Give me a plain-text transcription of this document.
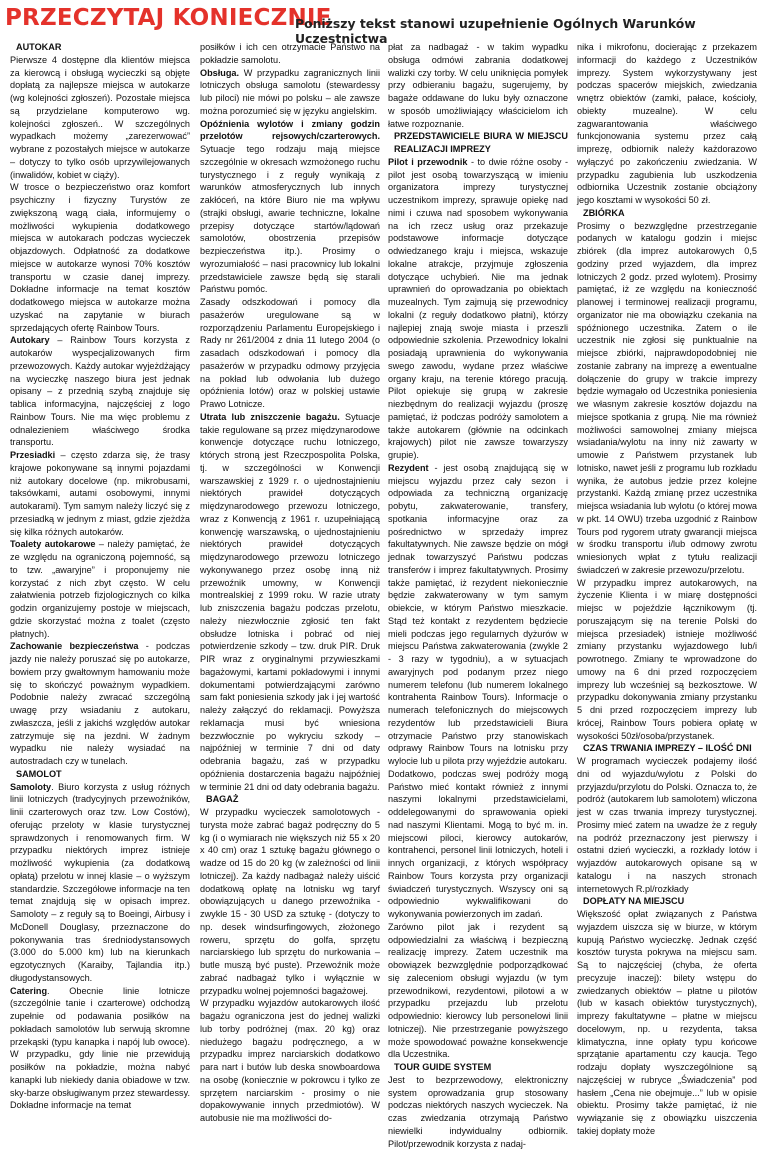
PRZECZYTAJ KONIECZNIE
Poniższy tekst stanowi uzupełnienie Ogólnych Warunków Uczestnictwa
AUTOKAR

Pierwsze 4 dostępne dla klientów miejsca za kierowcą i obsługą wycieczki są objęte dopłatą za najlepsze miejsca w autokarze (wg kolejności zgłoszeń). Pozostałe miejsca są przydzielane komputerowo wg. kolejności zgłoszeń.. W szczególnych wypadkach możemy „zarezerwować” wybrane z pozostałych miejsce w autokarze – dotyczy to tylko osób uprzywilejowanych (inwalidów, kobiet w ciąży).

W trosce o bezpieczeństwo oraz komfort psychiczny i fizyczny Turystów ze zwiększoną wagą ciała, informujemy o możliwości wykupienia dodatkowego miejsca w autokarach podczas wycieczek objazdowych. Odpłatność za dodatkowe miejsce w autokarze wynosi 70% kosztów transportu w czasie danej imprezy. Dokładne informacje na temat kosztów dodatkowego miejsca w autokarze można uzyskać na zapytanie w biurach sprzedających ofertę Rainbow Tours.

Autokary – Rainbow Tours korzysta z autokarów wyspecjalizowanych firm przewozowych. Każdy autokar wyjeżdżający na wycieczkę naszego biura jest jednak opisany – z przednią szybą znajduje się tablica informacyjna, najczęściej z logo Rainbow Tours. Nie ma więc problemu z odnalezieniem właściwego środka transportu.

Przesiadki – często zdarza się, że trasy krajowe pokonywane są innymi pojazdami niż autokary docelowe (np. mikrobusami, taksówkami, autami osobowymi, innymi autokarami). Tym samym należy liczyć się z przesiadką w jednym z miast, gdzie zjeżdża się kilka różnych autokarów.

Toalety autokarowe – należy pamiętać, że ze względu na ograniczoną pojemność, są to tzw. „awaryjne” i proponujemy nie korzystać z nich zbyt często. W celu załatwienia potrzeb fizjologicznych co kilka godzin organizujemy postoje w miejscach, gdzie skorzystać można z toalet (często płatnych).

Zachowanie bezpieczeństwa - podczas jazdy nie należy poruszać się po autokarze, bowiem przy gwałtownym hamowaniu może się to skończyć poważnym wypadkiem. Podobnie należy zwracać szczególną uwagę przy wsiadaniu z autokaru, zwłaszcza, jeśli z jakichś względów autokar zatrzymuje się na jezdni. W żadnym wypadku nie należy wysiadać na autostradach czy w tunelach.

SAMOLOT

Samoloty. Biuro korzysta z usług różnych linii lotniczych (tradycyjnych przewoźników, linii czarterowych oraz tzw. Low Costów), oferując przeloty w klasie turystycznej sprawdzonych i renomowanych firm. W przypadku niektórych imprez istnieje możliwość wykupienia (za dodatkową opłatą) przelotu w innej klasie – o wyższym standardzie. Szczegółowe informacje na ten temat znajdują się w opisach imprez. Samoloty – z reguły są to Boeingi, Airbusy i McDonell Douglasy, przeznaczone do pokonywania tras średniodystansowych (3.000 do 5.000 km) lub na kierunkach egzotycznych (Karaiby, Tajlandia itp.) długodystansowych.

Catering. Obecnie linie lotnicze (szczególnie tanie i czarterowe) odchodzą zupełnie od podawania posiłków na pokładach samolotów lub serwują skromne przekąski (typu kanapka i napój lub owoce). W przypadku, gdy linie nie przewidują posiłków na pokładzie, można nabyć kanapki lub niekiedy dania obiadowe w tzw. sky-barze obsługiwanym przez stewardessy. Dokładne informacje na temat

posiłków i ich cen otrzymacie Państwo na pokładzie samolotu.

Obsługa. W przypadku zagranicznych linii lotniczych obsługa samolotu (stewardessy lub piloci) nie mówi po polsku – ale zawsze można porozumieć się w języku angielskim.

Opóźnienia wylotów i zmiany godzin przelotów rejsowych/czarterowych. Sytuacje tego rodzaju mają miejsce szczególnie w okresach wzmożonego ruchu turystycznego i z reguły wynikają z warunków atmosferycznych lub innych zakłóceń, na które Biuro nie ma wpływu (strajki obsługi, awarie techniczne, lokalne przepisy dotyczące startów/lądowań samolotów, obostrzenia przepisów bezpieczeństwa itp.). Prosimy o wyrozumiałość – nasi pracownicy lub lokalni przedstawiciele zawsze będą się starali Państwu pomóc.

Zasady odszkodowań i pomocy dla pasażerów uregulowane są w rozporządzeniu Parlamentu Europejskiego i Rady nr 261/2004 z dnia 11 lutego 2004 (o zasadach odszkodowań i pomocy dla pasażerów w przypadku odmowy przyjęcia na pokład lub odwołania lub dużego opóźnienia lotów) oraz w polskiej ustawie Prawo Lotnicze.

Utrata lub zniszczenie bagażu. Sytuacje takie regulowane są przez międzynarodowe konwencje dotyczące ruchu lotniczego, których stroną jest Rzeczpospolita Polska, tj. w szczególności w Konwencji warszawskiej z 1929 r. o ujednostajnieniu niektórych prawideł dotyczących międzynarodowego przewozu lotniczego, wraz z Konwencją z 1961 r. uzupełniającą konwencję warszawską, o ujednostajnieniu niektórych prawideł dotyczących międzynarodowego przewozu lotniczego wykonywanego przez osobę inną niż przewoźnik umowny, w Konwencji montrealskiej z 1999 roku. W razie utraty lub zniszczenia bagażu podczas przelotu, należy niezwłocznie zgłosić ten fakt obsłudze lotniska i pobrać od niej potwierdzenie szkody – tzw. druk PIR. Druk PIR wraz z oryginalnymi przywieszkami bagażowymi, kartami pokładowymi i innymi dokumentami potwierdzającymi zarówno sam fakt poniesienia szkody jak i jej wartość należy załączyć do reklamacji. Powyższa reklamacja musi być wniesiona bezzwłocznie po wykryciu szkody – najpóźniej w terminie 7 dni od daty odebrania bagażu, zaś w przypadku opóźnienia dostarczenia bagażu najpóźniej w terminie 21 dni od daty odebrania bagażu.

BAGAŻ

W przypadku wycieczek samolotowych - turysta może zabrać bagaż podręczny do 5 kg (i o wymiarach nie większych niż 55 x 20 x 40 cm) oraz 1 sztukę bagażu głównego o wadze od 15 do 20 kg (w zależności od linii lotniczej). Za każdy nadbagaż należy uiścić dodatkową opłatę na lotnisku wg taryf obowiązujących u danego przewoźnika - zwykle 15 - 30 USD za sztukę - (dotyczy to np. desek windsurfingowych, złożonego roweru, sprzętu do golfa, sprzętu narciarskiego lub sprzętu do nurkowania – butle muszą być puste). Przewoźnik może zabrać nadbagaż tylko i wyłącznie w przypadku wolnej pojemności bagażowej.

W przypadku wyjazdów autokarowych ilość bagażu ograniczona jest do jednej walizki lub torby podróżnej (max. 20 kg) oraz niedużego bagażu podręcznego, a w przypadku imprez narciarskich dodatkowo para nart i butów lub deska snowboardowa na osobę (koniecznie w pokrowcu i tylko ze sprzętem narciarskim - prosimy o nie dopakowywanie innych przedmiotów). W autobusie nie ma możliwości do-

płat za nadbagaż - w takim wypadku obsługa odmówi zabrania dodatkowej walizki czy torby. W celu uniknięcia pomyłek przy odbieraniu bagażu, sugerujemy, by bagaże oddawane do luku były oznaczone w sposób umożliwiający właścicielom ich łatwe rozpoznanie.

PRZEDSTAWICIELE BIURA W MIEJSCU REALIZACJI IMPREZY

Pilot i przewodnik - to dwie różne osoby - pilot jest osobą towarzyszącą w imieniu organizatora imprezy turystycznej uczestnikom imprezy, sprawuje opiekę nad nimi i czuwa nad sposobem wykonywania na ich rzecz usług oraz przekazuje podstawowe informacje dotyczące odwiedzanego kraju i miejsca, wskazuje lokalne atrakcje, przyjmuje zgłoszenia dotyczące uchybień. Nie ma jednak uprawnień do oprowadzania po obiektach muzealnych. Tym zajmują się przewodnicy lokalni (z reguły dodatkowo płatni), którzy najlepiej znają swoje miasta i przeszli odpowiednie szkolenia. Przewodnicy lokalni posiadają uprawnienia do wykonywania swego zawodu, wydane przez właściwe organy kraju, na terenie którego pracują. Pilot opiekuje się grupą w zakresie niezbędnym do realizacji wyjazdu (proszę pamiętać, iż podczas podróży samolotem a także autokarem (głównie na odcinkach krajowych) pilot nie zawsze towarzyszy grupie).

Rezydent - jest osobą znajdującą się w miejscu wyjazdu przez cały sezon i odpowiada za techniczną organizację pobytu, zakwaterowanie, transfery, spotkania informacyjne oraz za pośrednictwo w sprzedaży imprez fakultatywnych. Nie zawsze będzie on mógł jednak towarzyszyć Państwu podczas transferów i imprez fakultatywnych. Prosimy także pamiętać, iż rezydent niekoniecznie będzie zakwaterowany w tym samym obiekcie, w którym Państwo mieszkacie. Stąd też kontakt z rezydentem będziecie mieli podczas jego regularnych dyżurów w miejscu Państwa zakwaterowania (zwykle 2 - 3 razy w tygodniu), a w sytuacjach awaryjnych pod podanym przez niego numerem telefonu (lub numerem lokalnego kontrahenta Rainbow Tours). Informacje o numerach telefonicznych do miejscowych rezydentów lub przedstawicieli Biura otrzymacie Państwo przy stanowiskach odprawy Rainbow Tours na lotnisku przy wylocie lub u pilota przy wyjeździe autokaru.

Dodatkowo, podczas swej podróży mogą Państwo mieć kontakt również z innymi naszymi lokalnymi przedstawicielami, oddelegowanymi do sprawowania opieki nad naszymi Klientami. Mogą to być m. in. miejscowi piloci, kierowcy autokarów, kontrahenci, personel linii lotniczych, hoteli i innych organizacji, z których współpracy Rainbow Tours korzysta przy organizacji świadczeń turystycznych. Wszyscy oni są odpowiednio wykwalifikowani do wykonywania powierzonych im zadań.

Zarówno pilot jak i rezydent są odpowiedzialni za właściwą i bezpieczną realizację imprezy. Zatem uczestnik ma obowiązek bezwzględnie podporządkować się zaleceniom obsługi wyjazdu (w tym przewodnikowi, rezydentowi, pilotowi a w przypadku przejazdu lub przelotu odpowiednio: kierowcy lub personelowi linii lotniczej). Nie przestrzeganie powyższego może spowodować poważne konsekwencje dla Uczestnika.

TOUR GUIDE SYSTEM

Jest to bezprzewodowy, elektroniczny system oprowadzania grup stosowany podczas niektórych naszych wycieczek. Na czas zwiedzania otrzymają Państwo niewielki indywidualny odbiornik. Pilot/przewodnik korzysta z nadaj-

nika i mikrofonu, docierając z przekazem informacji do każdego z Uczestników imprezy. System wykorzystywany jest podczas spacerów miejskich, zwiedzania wnętrz obiektów (zamki, pałace, kościoły, obiekty muzealne). W celu zagwarantowania właściwego funkcjonowania systemu przez całą imprezę, odbiornik należy każdorazowo wyłączyć po zakończeniu zwiedzania. W przypadku zagubienia lub uszkodzenia odbiornika Uczestnik zostanie obciążony jego kosztami w wysokości 50 zł.

ZBIÓRKA

Prosimy o bezwzględne przestrzeganie podanych w katalogu godzin i miejsc zbiórek (dla imprez autokarowych 0,5 godziny przed wyjazdem, dla imprez lotniczych 2 godz. przed wylotem). Prosimy pamiętać, iż ze względu na konieczność planowej i terminowej realizacji programu, organizator nie ma obowiązku czekania na spóźnionego uczestnika. Zatem o ile uczestnik nie zgłosi się punktualnie na miejsce zbiórki, najprawdopodobniej nie zostanie zabrany na imprezę a ewentualne dołączenie do grupy w trakcie imprezy będzie wymagało od Uczestnika poniesienia we własnym zakresie kosztów dojazdu na miejsce spotkania z grupą. Nie ma również możliwości samowolnej zmiany miejsca wsiadania/wylotu na inny niż zawarty w umowie z Państwem przystanek lub lotnisko, nawet jeśli z programu lub rozkładu wynika, że autobus jedzie przez kolejne przystanki. Każdą zmianę przez uczestnika miejsca wsiadania lub wylotu (o której mowa w pkt. 14 OWU) trzeba uzgodnić z Rainbow Tours pod rygorem utraty gwarancji miejsca w środku transportu i/lub odmowy zwrotu wniesionych wpłat z tytułu realizacji świadczeń w zakresie przewozu/przelotu.

W przypadku imprez autokarowych, na życzenie Klienta i w miarę dostępności miejsc w pojeździe łącznikowym (tj. poruszającym się na terenie Polski do miejsca przesiadek) istnieje możliwość zmiany przystanku wyjazdowego lub/i powrotnego. Zmiany te wprowadzone do umowy na 6 dni przed rozpoczęciem imprezy lub wcześniej są bezkosztowe. W przypadku dokonywania zmiany przystanku 5 dni przed rozpoczęciem imprezy lub krócej, Rainbow Tours pobiera opłatę w wysokości 50zł/osoba/przystanek.

CZAS TRWANIA IMPREZY – ILOŚĆ DNI

W programach wycieczek podajemy ilość dni od wyjazdu/wylotu z Polski do przyjazdu/przylotu do Polski. Oznacza to, że podróż (autokarem lub samolotem) wliczona jest w czas trwania imprezy turystycznej. Prosimy mieć zatem na uwadze że z reguły na podróż przeznaczony jest pierwszy i ostatni dzień wycieczki, a rozkłady lotów i wyjazdów autokarowych opisane są w katalogu i na naszych stronach internetowych R.pl/rozkłady

DOPŁATY NA MIEJSCU

Większość opłat związanych z Państwa wyjazdem uiszcza się w biurze, w którym kupują Państwo wycieczkę. Jednak część kosztów turysta pokrywa na miejscu sam. Są to najczęściej (chyba, że oferta precyzuje inaczej): bilety wstępu do zwiedzanych obiektów – płatne u pilotów (lub w kasach obiektów turystycznych), imprezy fakultatywne – płatne w miejscu docelowym, np. u rezydenta, taksa klimatyczna, inne opłaty typu końcowe sprzątanie apartamentu czy kaucja. Tego rodzaju dopłaty wyszczególnione są najczęściej w rubryce „Świadczenia” pod hasłem „Cena nie obejmuje...” lub w opisie obiektu. Prosimy także pamiętać, iż nie wywiązanie się z obowiązku uiszczenia takiej dopłaty może
